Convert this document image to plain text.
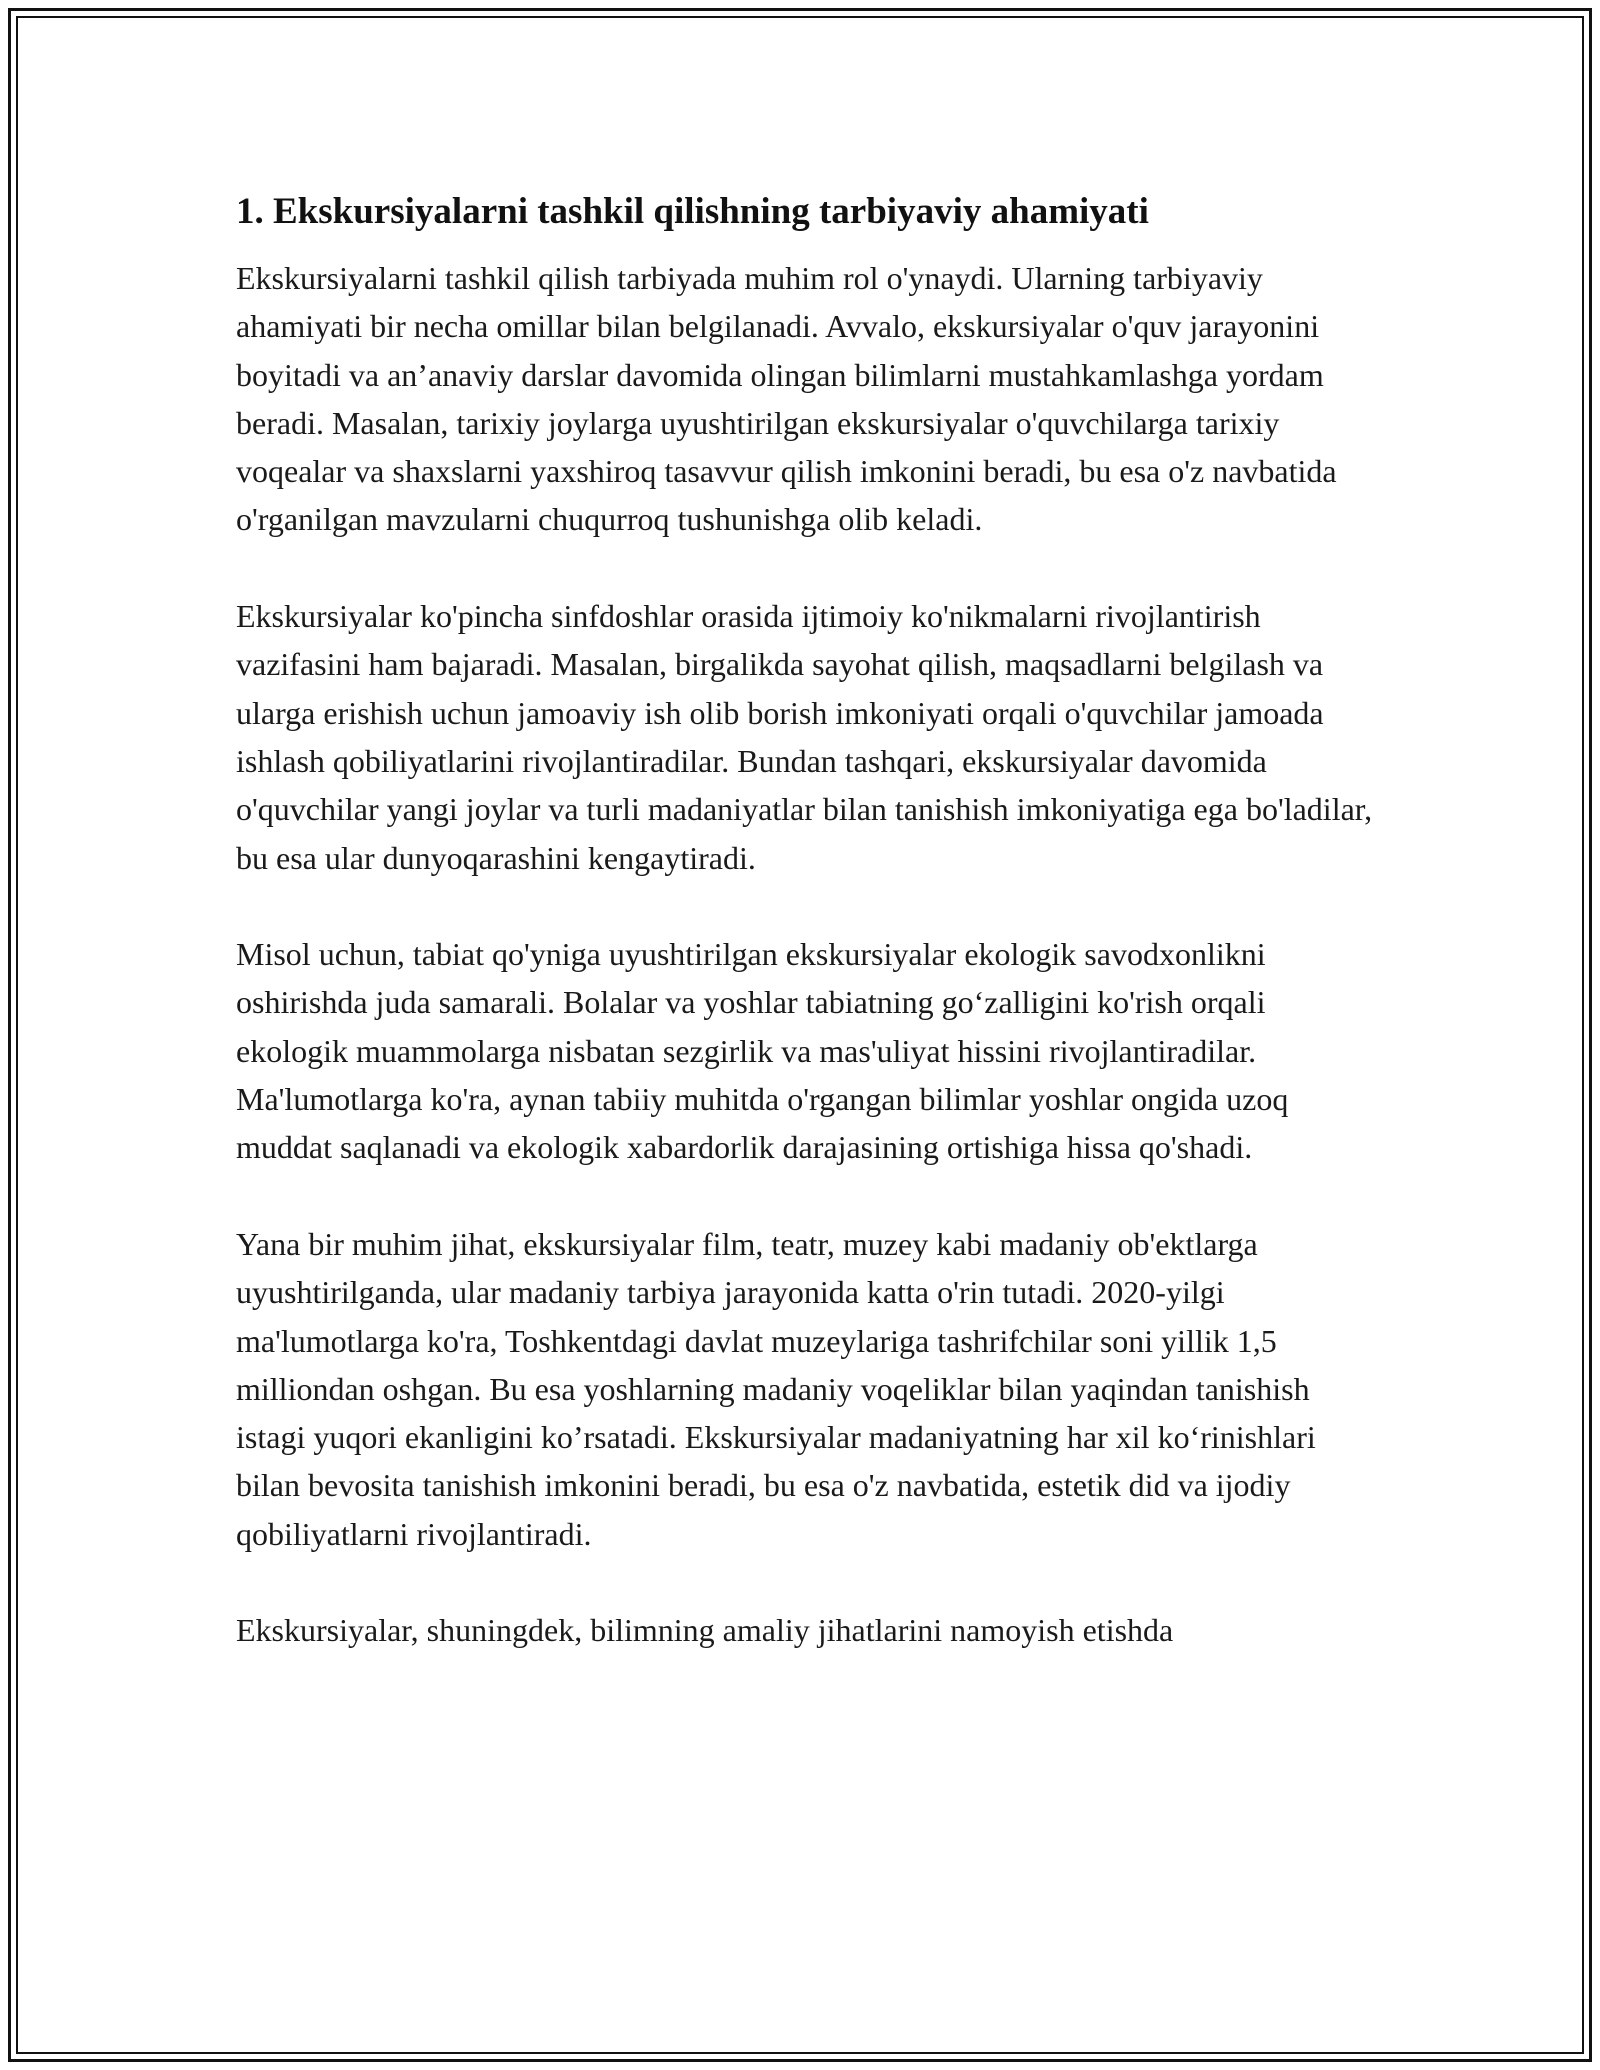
1. Ekskursiyalarni tashkil qilishning tarbiyaviy ahamiyati

Ekskursiyalarni tashkil qilish tarbiyada muhim rol o'ynaydi. Ularning tarbiyaviy ahamiyati bir necha omillar bilan belgilanadi. Avvalo, ekskursiyalar o'quv jarayonini boyitadi va an’anaviy darslar davomida olingan bilimlarni mustahkamlashga yordam beradi. Masalan, tarixiy joylarga uyushtirilgan ekskursiyalar o'quvchilarga tarixiy voqealar va shaxslarni yaxshiroq tasavvur qilish imkonini beradi, bu esa o'z navbatida o'rganilgan mavzularni chuqurroq tushunishga olib keladi.

Ekskursiyalar ko'pincha sinfdoshlar orasida ijtimoiy ko'nikmalarni rivojlantirish vazifasini ham bajaradi. Masalan, birgalikda sayohat qilish, maqsadlarni belgilash va ularga erishish uchun jamoaviy ish olib borish imkoniyati orqali o'quvchilar jamoada ishlash qobiliyatlarini rivojlantiradilar. Bundan tashqari, ekskursiyalar davomida o'quvchilar yangi joylar va turli madaniyatlar bilan tanishish imkoniyatiga ega bo'ladilar, bu esa ular dunyoqarashini kengaytiradi.

Misol uchun, tabiat qo'yniga uyushtirilgan ekskursiyalar ekologik savodxonlikni oshirishda juda samarali. Bolalar va yoshlar tabiatning go‘zalligini ko'rish orqali ekologik muammolarga nisbatan sezgirlik va mas'uliyat hissini rivojlantiradilar. Ma'lumotlarga ko'ra, aynan tabiiy muhitda o'rgangan bilimlar yoshlar ongida uzoq muddat saqlanadi va ekologik xabardorlik darajasining ortishiga hissa qo'shadi.

Yana bir muhim jihat, ekskursiyalar film, teatr, muzey kabi madaniy ob'ektlarga uyushtirilganda, ular madaniy tarbiya jarayonida katta o'rin tutadi. 2020-yilgi ma'lumotlarga ko'ra, Toshkentdagi davlat muzeylariga tashrifchilar soni yillik 1,5 milliondan oshgan. Bu esa yoshlarning madaniy voqeliklar bilan yaqindan tanishish istagi yuqori ekanligini ko’rsatadi. Ekskursiyalar madaniyatning har xil ko‘rinishlari bilan bevosita tanishish imkonini beradi, bu esa o'z navbatida, estetik did va ijodiy qobiliyatlarni rivojlantiradi.

Ekskursiyalar, shuningdek, bilimning amaliy jihatlarini namoyish etishda
